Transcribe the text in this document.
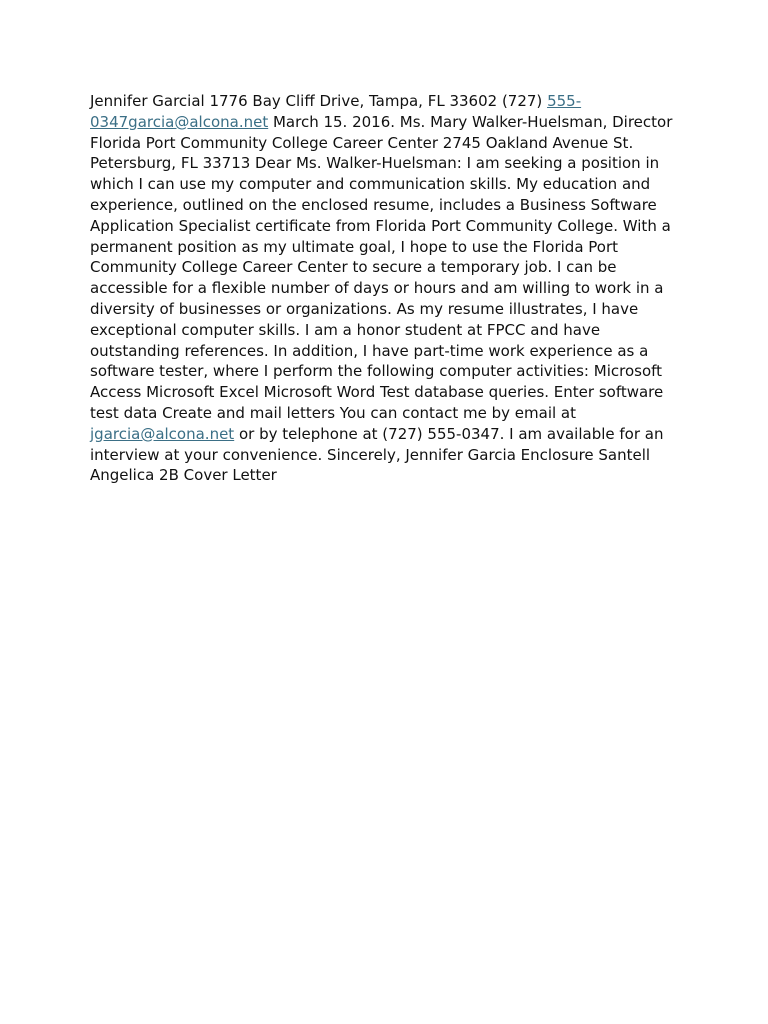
Jennifer Garcial 1776 Bay Cliff Drive, Tampa, FL 33602 (727) 555-0347garcia@alcona.net March 15. 2016. Ms. Mary Walker-Huelsman, Director Florida Port Community College Career Center 2745 Oakland Avenue St. Petersburg, FL 33713 Dear Ms. Walker-Huelsman: I am seeking a position in which I can use my computer and communication skills. My education and experience, outlined on the enclosed resume, includes a Business Software Application Specialist certificate from Florida Port Community College. With a permanent position as my ultimate goal, I hope to use the Florida Port Community College Career Center to secure a temporary job. I can be accessible for a flexible number of days or hours and am willing to work in a diversity of businesses or organizations. As my resume illustrates, I have exceptional computer skills. I am a honor student at FPCC and have outstanding references. In addition, I have part-time work experience as a software tester, where I perform the following computer activities: Microsoft Access Microsoft Excel Microsoft Word Test database queries. Enter software test data Create and mail letters You can contact me by email at jgarcia@alcona.net or by telephone at (727) 555-0347. I am available for an interview at your convenience. Sincerely, Jennifer Garcia Enclosure Santell Angelica 2B Cover Letter
